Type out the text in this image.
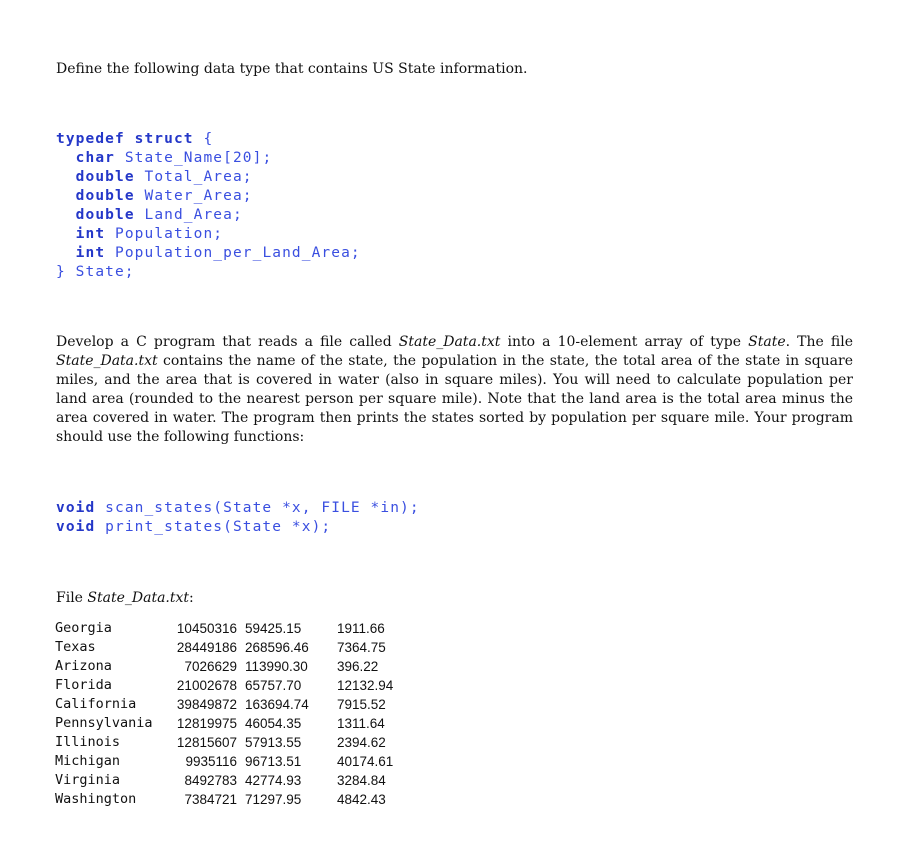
Define the following data type that contains US State information.
typedef struct {
char State_Name[20];
double Total_Area;
double Water_Area;
double Land_Area;
int Population;
int Population_per_Land_Area;
} State;
Develop a C program that reads a file called State_Data.txt into a 10-element array of type State. The file State_Data.txt contains the name of the state, the population in the state, the total area of the state in square miles, and the area that is covered in water (also in square miles). You will need to calculate population per land area (rounded to the nearest person per square mile). Note that the land area is the total area minus the area covered in water. The program then prints the states sorted by population per square mile. Your program should use the following functions:
void scan_states(State *x, FILE *in);
void print_states(State *x);
File State_Data.txt:
Georgia	10450316	59425.15	1911.66
Texas	28449186	268596.46	7364.75
Arizona	7026629	113990.30	396.22
Florida	21002678	65757.70	12132.94
California	39849872	163694.74	7915.52
Pennsylvania	12819975	46054.35	1311.64
Illinois	12815607	57913.55	2394.62
Michigan	9935116	96713.51	40174.61
Virginia	8492783	42774.93	3284.84
Washington	7384721	71297.95	4842.43
